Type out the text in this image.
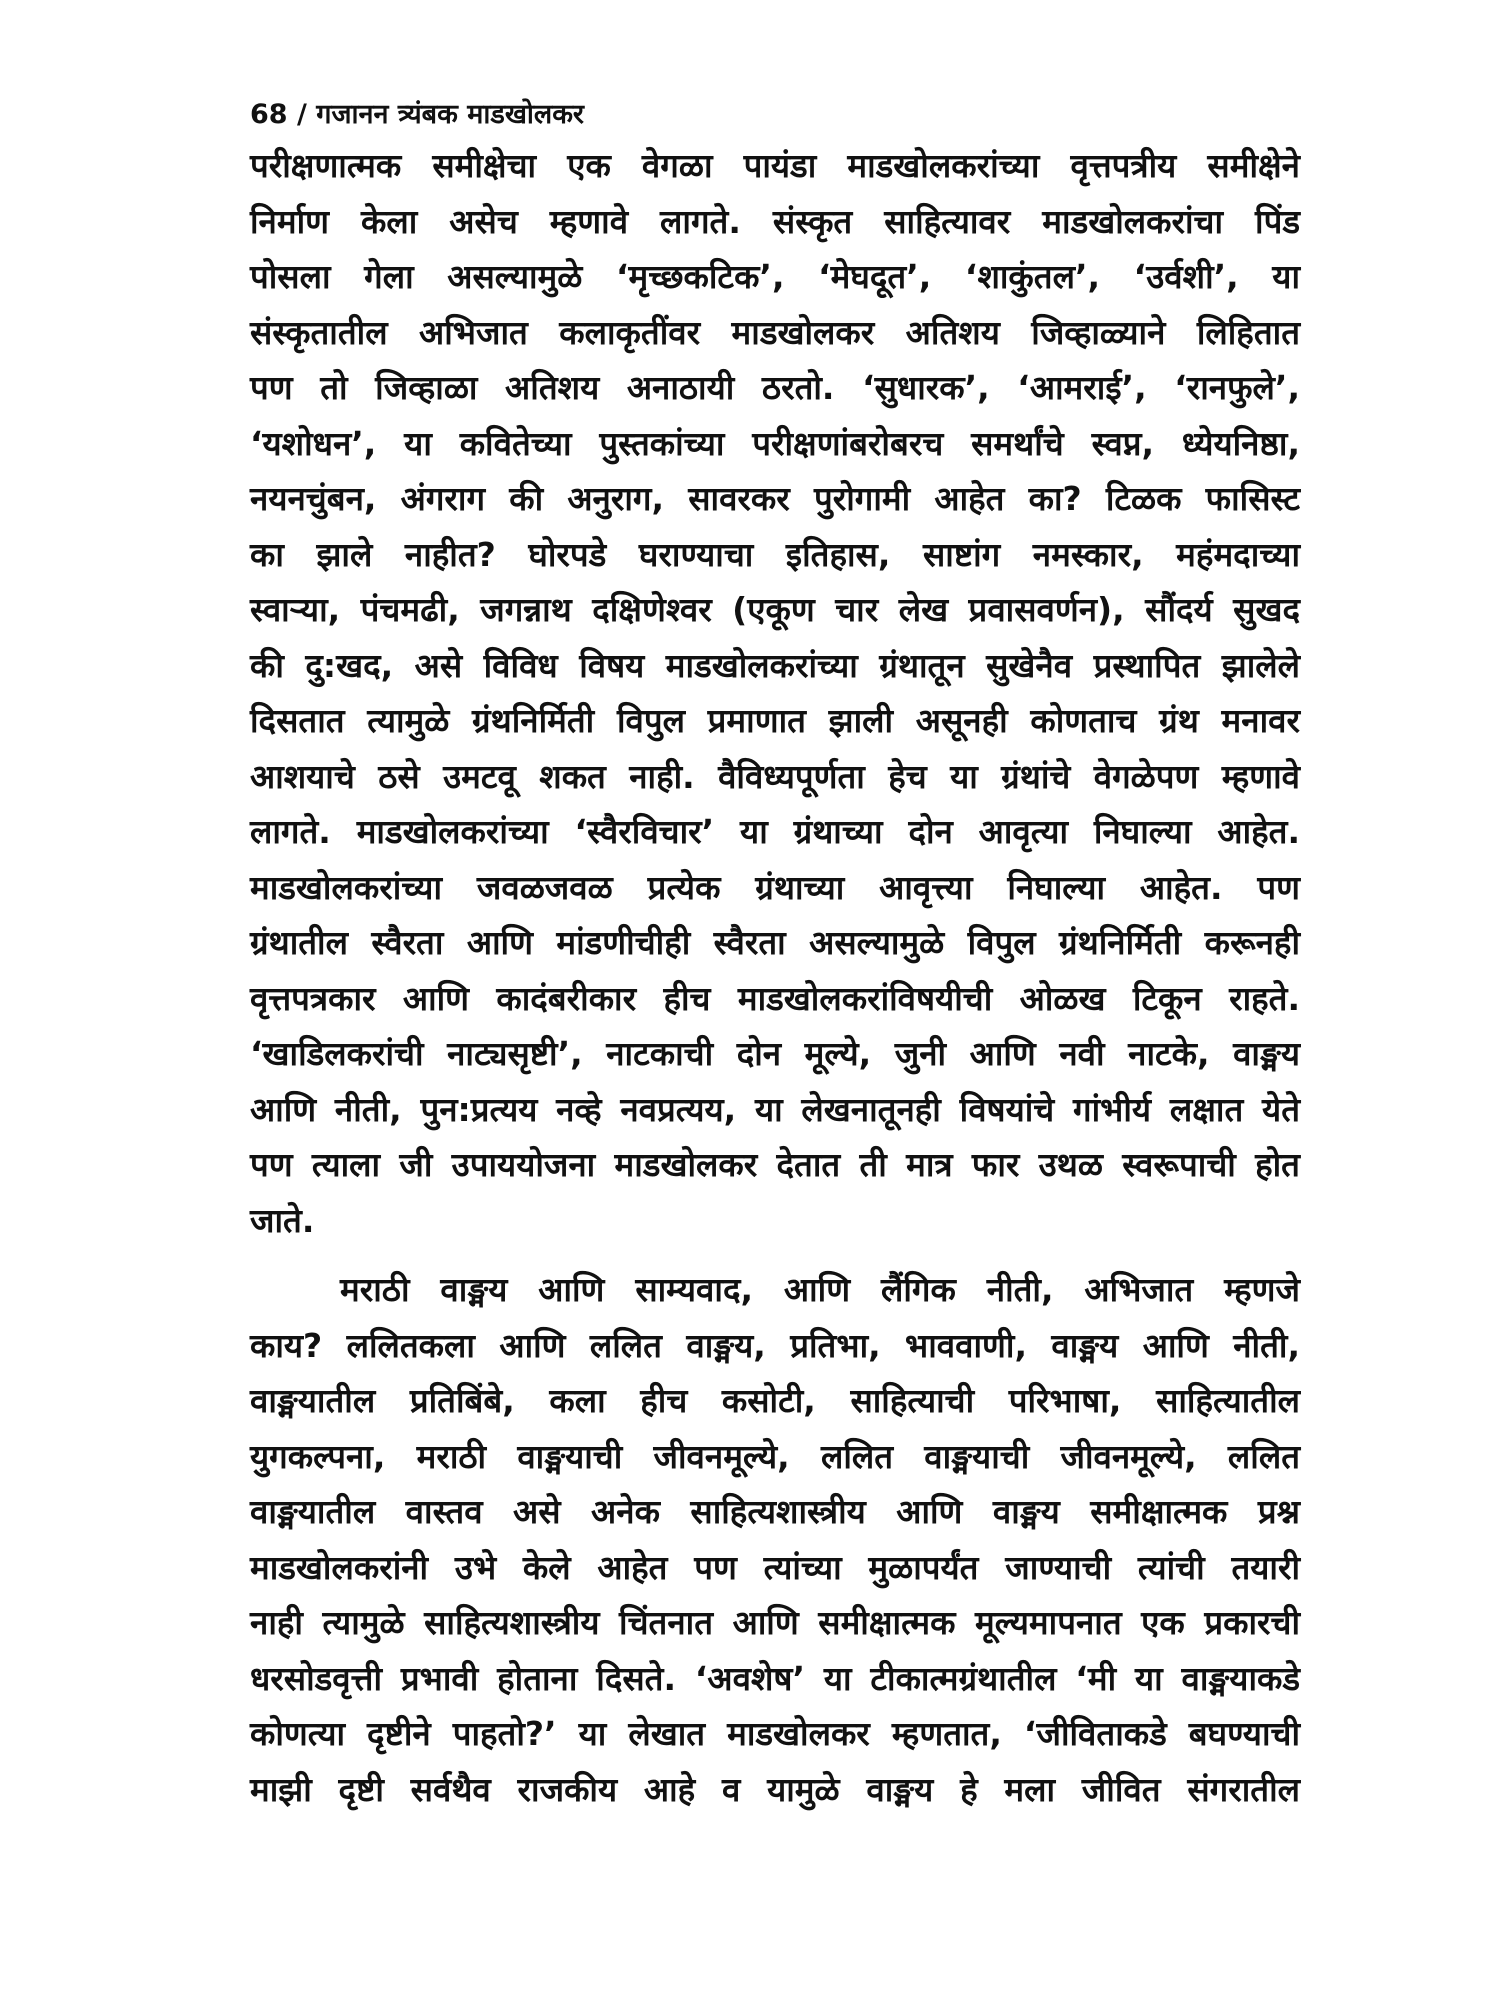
68 / गजानन त्र्यंबक माडखोलकर
परीक्षणात्मक समीक्षेचा एक वेगळा पायंडा माडखोलकरांच्या वृत्तपत्रीय समीक्षेने
निर्माण केला असेच म्हणावे लागते. संस्कृत साहित्यावर माडखोलकरांचा पिंड
पोसला गेला असल्यामुळे ‘मृच्छकटिक’, ‘मेघदूत’, ‘शाकुंतल’, ‘उर्वशी’, या
संस्कृतातील अभिजात कलाकृतींवर माडखोलकर अतिशय जिव्हाळ्याने लिहितात
पण तो जिव्हाळा अतिशय अनाठायी ठरतो. ‘सुधारक’, ‘आमराई’, ‘रानफुले’,
‘यशोधन’, या कवितेच्या पुस्तकांच्या परीक्षणांबरोबरच समर्थांचे स्वप्न, ध्येयनिष्ठा,
नयनचुंबन, अंगराग की अनुराग, सावरकर पुरोगामी आहेत का? टिळक फासिस्ट
का झाले नाहीत? घोरपडे घराण्याचा इतिहास, साष्टांग नमस्कार, महंमदाच्या
स्वाऱ्या, पंचमढी, जगन्नाथ दक्षिणेश्वर (एकूण चार लेख प्रवासवर्णन), सौंदर्य सुखद
की दु:खद, असे विविध विषय माडखोलकरांच्या ग्रंथातून सुखेनैव प्रस्थापित झालेले
दिसतात त्यामुळे ग्रंथनिर्मिती विपुल प्रमाणात झाली असूनही कोणताच ग्रंथ मनावर
आशयाचे ठसे उमटवू शकत नाही. वैविध्यपूर्णता हेच या ग्रंथांचे वेगळेपण म्हणावे
लागते. माडखोलकरांच्या ‘स्वैरविचार’ या ग्रंथाच्या दोन आवृत्या निघाल्या आहेत.
माडखोलकरांच्या जवळजवळ प्रत्येक ग्रंथाच्या आवृत्त्या निघाल्या आहेत. पण
ग्रंथातील स्वैरता आणि मांडणीचीही स्वैरता असल्यामुळे विपुल ग्रंथनिर्मिती करूनही
वृत्तपत्रकार आणि कादंबरीकार हीच माडखोलकरांविषयीची ओळख टिकून राहते.
‘खाडिलकरांची नाट्यसृष्टी’, नाटकाची दोन मूल्ये, जुनी आणि नवी नाटके, वाङ्मय
आणि नीती, पुन:प्रत्यय नव्हे नवप्रत्यय, या लेखनातूनही विषयांचे गांभीर्य लक्षात येते
पण त्याला जी उपाययोजना माडखोलकर देतात ती मात्र फार उथळ स्वरूपाची होत
जाते.
मराठी वाङ्मय आणि साम्यवाद, आणि लैंगिक नीती, अभिजात म्हणजे
काय? ललितकला आणि ललित वाङ्मय, प्रतिभा, भाववाणी, वाङ्मय आणि नीती,
वाङ्मयातील प्रतिबिंबे, कला हीच कसोटी, साहित्याची परिभाषा, साहित्यातील
युगकल्पना, मराठी वाङ्मयाची जीवनमूल्ये, ललित वाङ्मयाची जीवनमूल्ये, ललित
वाङ्मयातील वास्तव असे अनेक साहित्यशास्त्रीय आणि वाङ्मय समीक्षात्मक प्रश्न
माडखोलकरांनी उभे केले आहेत पण त्यांच्या मुळापर्यंत जाण्याची त्यांची तयारी
नाही त्यामुळे साहित्यशास्त्रीय चिंतनात आणि समीक्षात्मक मूल्यमापनात एक प्रकारची
धरसोडवृत्ती प्रभावी होताना दिसते. ‘अवशेष’ या टीकात्मग्रंथातील ‘मी या वाङ्मयाकडे
कोणत्या दृष्टीने पाहतो?’ या लेखात माडखोलकर म्हणतात, ‘जीविताकडे बघण्याची
माझी दृष्टी सर्वथैव राजकीय आहे व यामुळे वाङ्मय हे मला जीवित संगरातील
